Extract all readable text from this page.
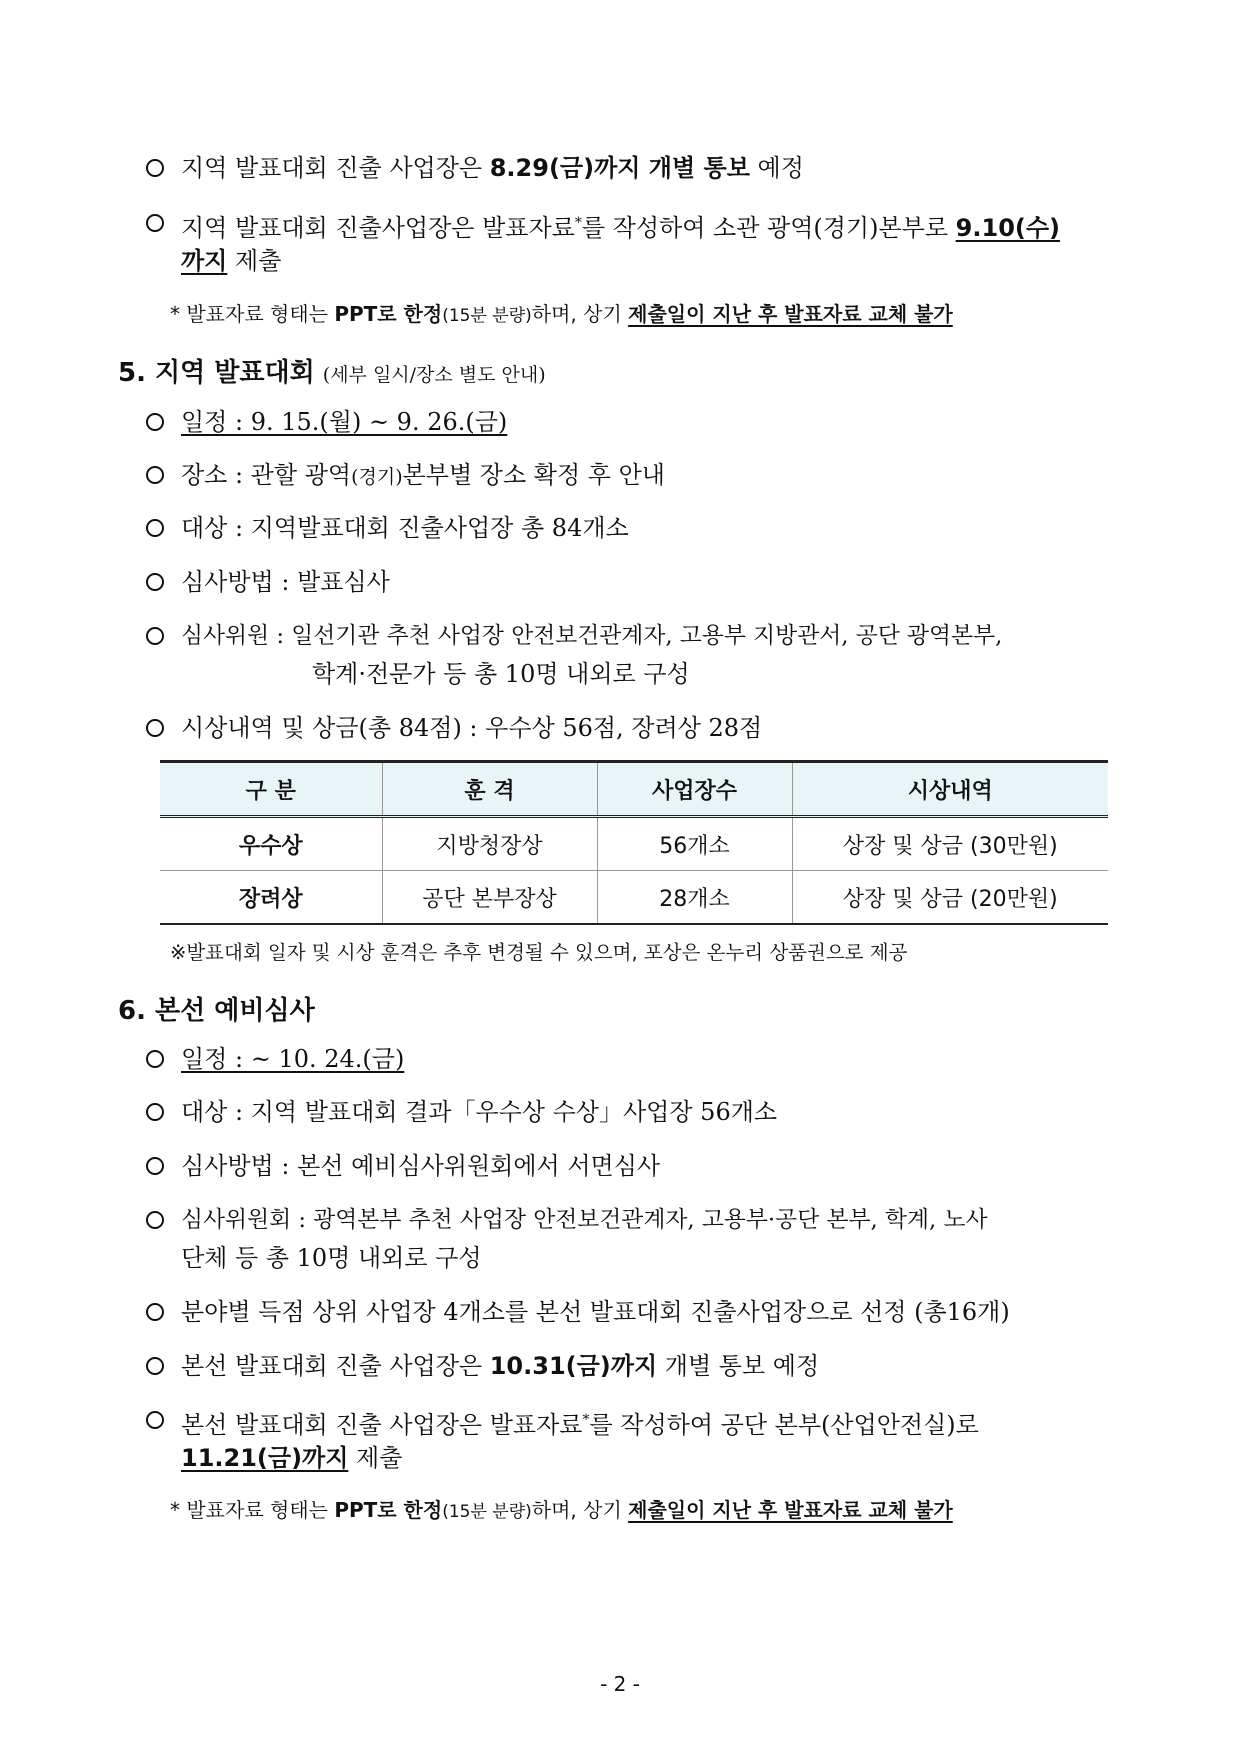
지역 발표대회 진출 사업장은 8.29(금)까지 개별 통보 예정
지역 발표대회 진출사업장은 발표자료*를 작성하여 소관 광역(경기)본부로 9.10(수)
까지 제출
* 발표자료 형태는 PPT로 한정(15분 분량)하며, 상기 제출일이 지난 후 발표자료 교체 불가
5. 지역 발표대회 (세부 일시/장소 별도 안내)
일정 : 9. 15.(월) ~ 9. 26.(금)
장소 : 관할 광역(경기)본부별 장소 확정 후 안내
대상 : 지역발표대회 진출사업장 총 84개소
심사방법 : 발표심사
심사위원 : 일선기관 추천 사업장 안전보건관계자, 고용부 지방관서, 공단 광역본부,
학계·전문가 등 총 10명 내외로 구성
시상내역 및 상금(총 84점) : 우수상 56점, 장려상 28점
구 분	훈 격	사업장수	시상내역
우수상	지방청장상	56개소	상장 및 상금 (30만원)
장려상	공단 본부장상	28개소	상장 및 상금 (20만원)
※발표대회 일자 및 시상 훈격은 추후 변경될 수 있으며, 포상은 온누리 상품권으로 제공
6. 본선 예비심사
일정 : ~ 10. 24.(금)
대상 : 지역 발표대회 결과「우수상 수상」사업장 56개소
심사방법 : 본선 예비심사위원회에서 서면심사
심사위원회 : 광역본부 추천 사업장 안전보건관계자, 고용부·공단 본부, 학계, 노사
단체 등 총 10명 내외로 구성
분야별 득점 상위 사업장 4개소를 본선 발표대회 진출사업장으로 선정 (총16개)
본선 발표대회 진출 사업장은 10.31(금)까지 개별 통보 예정
본선 발표대회 진출 사업장은 발표자료*를 작성하여 공단 본부(산업안전실)로
11.21(금)까지 제출
* 발표자료 형태는 PPT로 한정(15분 분량)하며, 상기 제출일이 지난 후 발표자료 교체 불가
- 2 -
